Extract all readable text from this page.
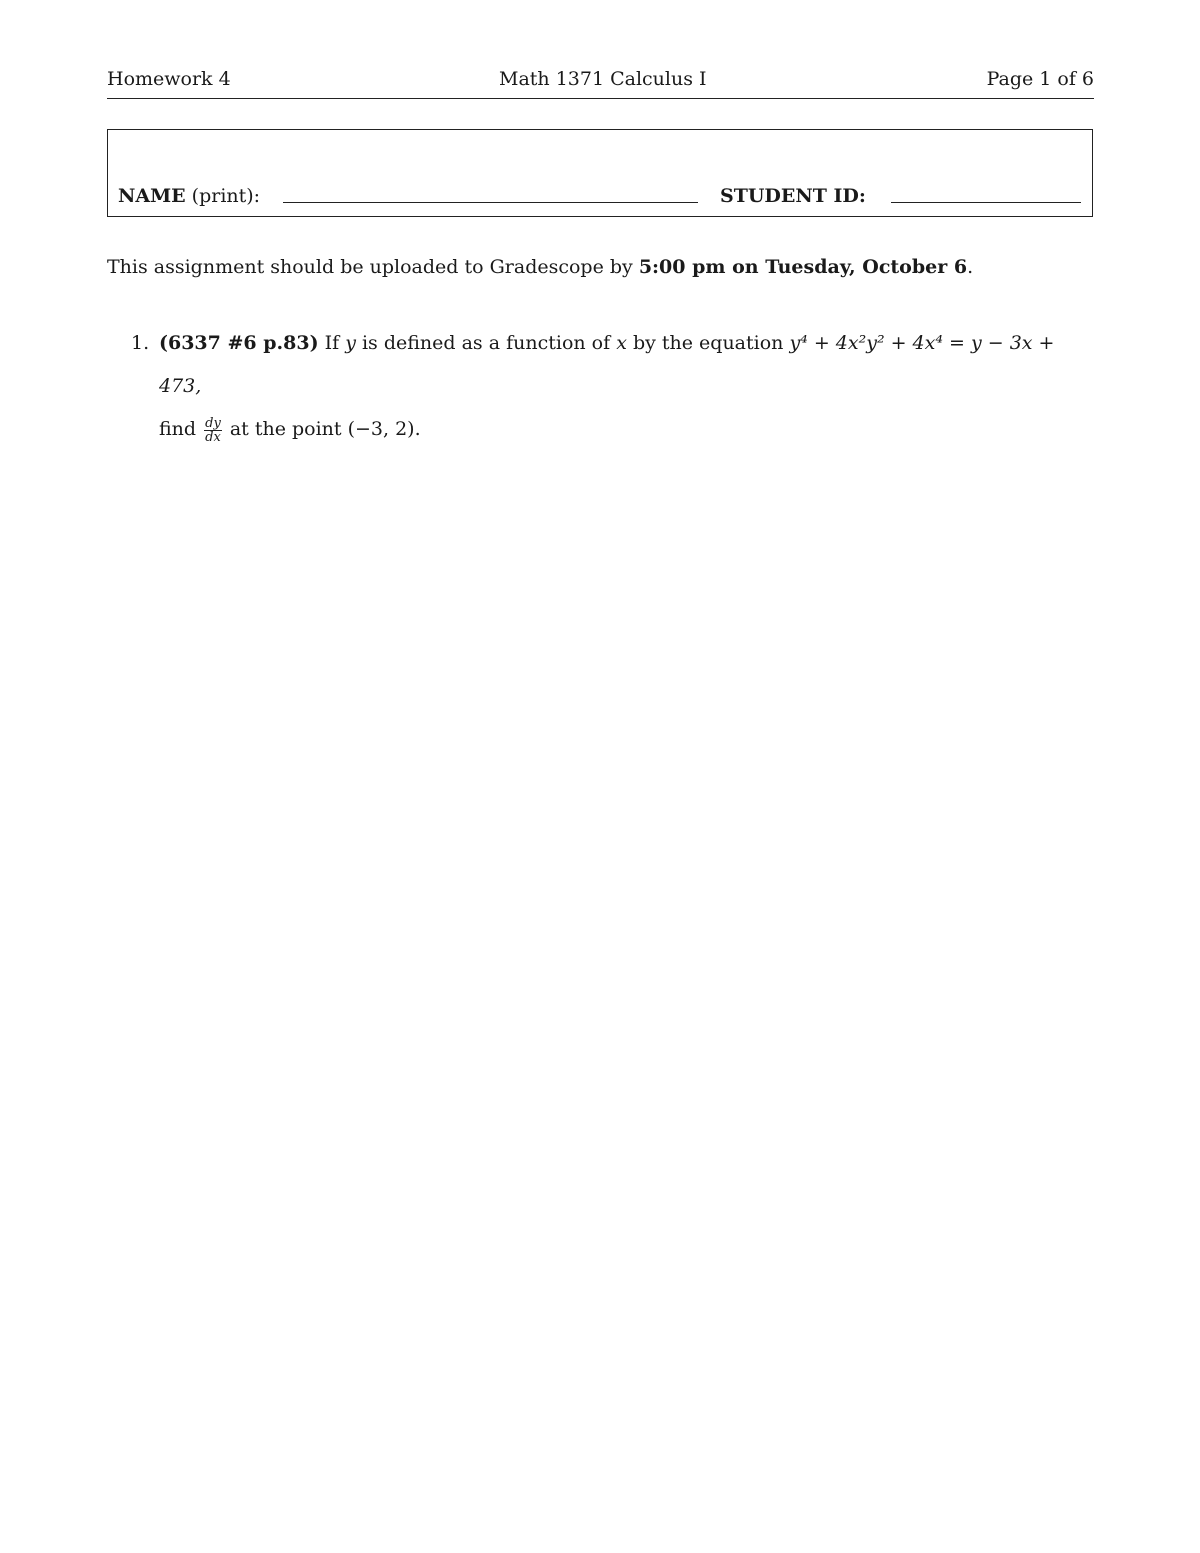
Homework 4	Math 1371 Calculus I	Page 1 of 6
NAME (print):	STUDENT ID:
This assignment should be uploaded to Gradescope by 5:00 pm on Tuesday, October 6.
1. (6337 #6 p.83) If y is defined as a function of x by the equation y⁴ + 4x²y² + 4x⁴ = y − 3x + 473,
find $\frac{dy}{dx}$ at the point (−3, 2).
